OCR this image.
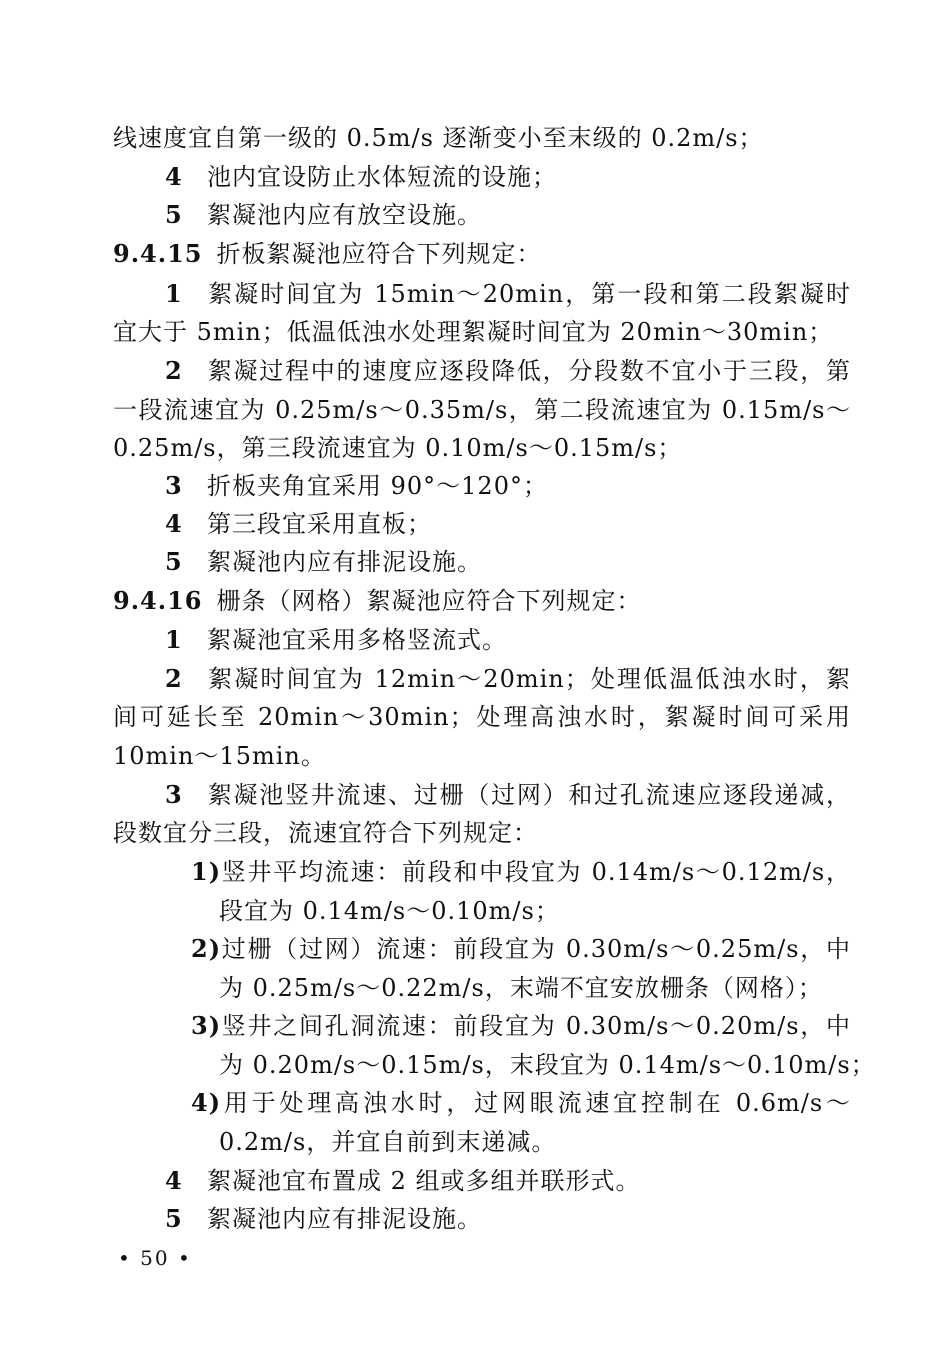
线速度宜自第一级的 0.5m/s 逐渐变小至末级的 0.2m/s；
4 池内宜设防止水体短流的设施；
5 絮凝池内应有放空设施。
9.4.15 折板絮凝池应符合下列规定：
1 絮凝时间宜为 15min～20min，第一段和第二段絮凝时
宜大于 5min；低温低浊水处理絮凝时间宜为 20min～30min；
2 絮凝过程中的速度应逐段降低，分段数不宜小于三段，第
一段流速宜为 0.25m/s～0.35m/s，第二段流速宜为 0.15m/s～
0.25m/s，第三段流速宜为 0.10m/s～0.15m/s；
3 折板夹角宜采用 90°～120°；
4 第三段宜采用直板；
5 絮凝池内应有排泥设施。
9.4.16 栅条（网格）絮凝池应符合下列规定：
1 絮凝池宜采用多格竖流式。
2 絮凝时间宜为 12min～20min；处理低温低浊水时，絮
间可延长至 20min～30min；处理高浊水时，絮凝时间可采用
10min～15min。
3 絮凝池竖井流速、过栅（过网）和过孔流速应逐段递减，
段数宜分三段，流速宜符合下列规定：
1)竖井平均流速：前段和中段宜为 0.14m/s～0.12m/s，
段宜为 0.14m/s～0.10m/s；
2)过栅（过网）流速：前段宜为 0.30m/s～0.25m/s，中
为 0.25m/s～0.22m/s，末端不宜安放栅条（网格）；
3)竖井之间孔洞流速：前段宜为 0.30m/s～0.20m/s，中
为 0.20m/s～0.15m/s，末段宜为 0.14m/s～0.10m/s；
4)用于处理高浊水时，过网眼流速宜控制在 0.6m/s～
0.2m/s，并宜自前到末递减。
4 絮凝池宜布置成 2 组或多组并联形式。
5 絮凝池内应有排泥设施。
• 50 •
